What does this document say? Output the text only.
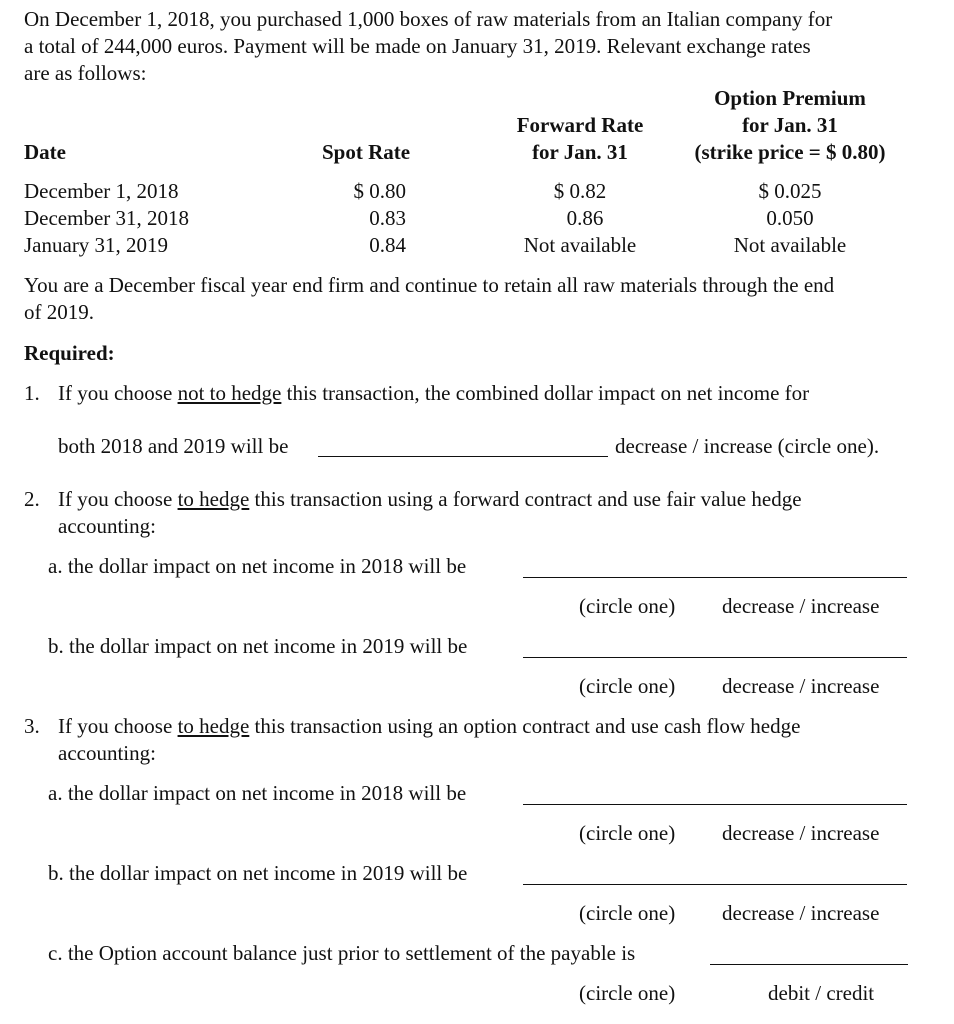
On December 1, 2018, you purchased 1,000 boxes of raw materials from an Italian company for
a total of 244,000 euros. Payment will be made on January 31, 2019. Relevant exchange rates
are as follows:
Date	Spot Rate
Forward Rate
for Jan. 31
Option Premium
for Jan. 31
(strike price = $ 0.80)
December 1, 2018	$ 0.80	$ 0.82	$ 0.025
December 31, 2018	0.83	0.86	0.050
January 31, 2019	0.84	Not available	Not available
You are a December fiscal year end firm and continue to retain all raw materials through the end
of 2019.
Required:
1. If you choose not to hedge this transaction, the combined dollar impact on net income for
both 2018 and 2019 will be	decrease / increase (circle one).
2. If you choose to hedge this transaction using a forward contract and use fair value hedge
accounting:
a. the dollar impact on net income in 2018 will be
(circle one) decrease / increase
b. the dollar impact on net income in 2019 will be
(circle one) decrease / increase
3. If you choose to hedge this transaction using an option contract and use cash flow hedge
accounting:
a. the dollar impact on net income in 2018 will be
(circle one) decrease / increase
b. the dollar impact on net income in 2019 will be
(circle one) decrease / increase
c. the Option account balance just prior to settlement of the payable is
(circle one)	debit / credit
